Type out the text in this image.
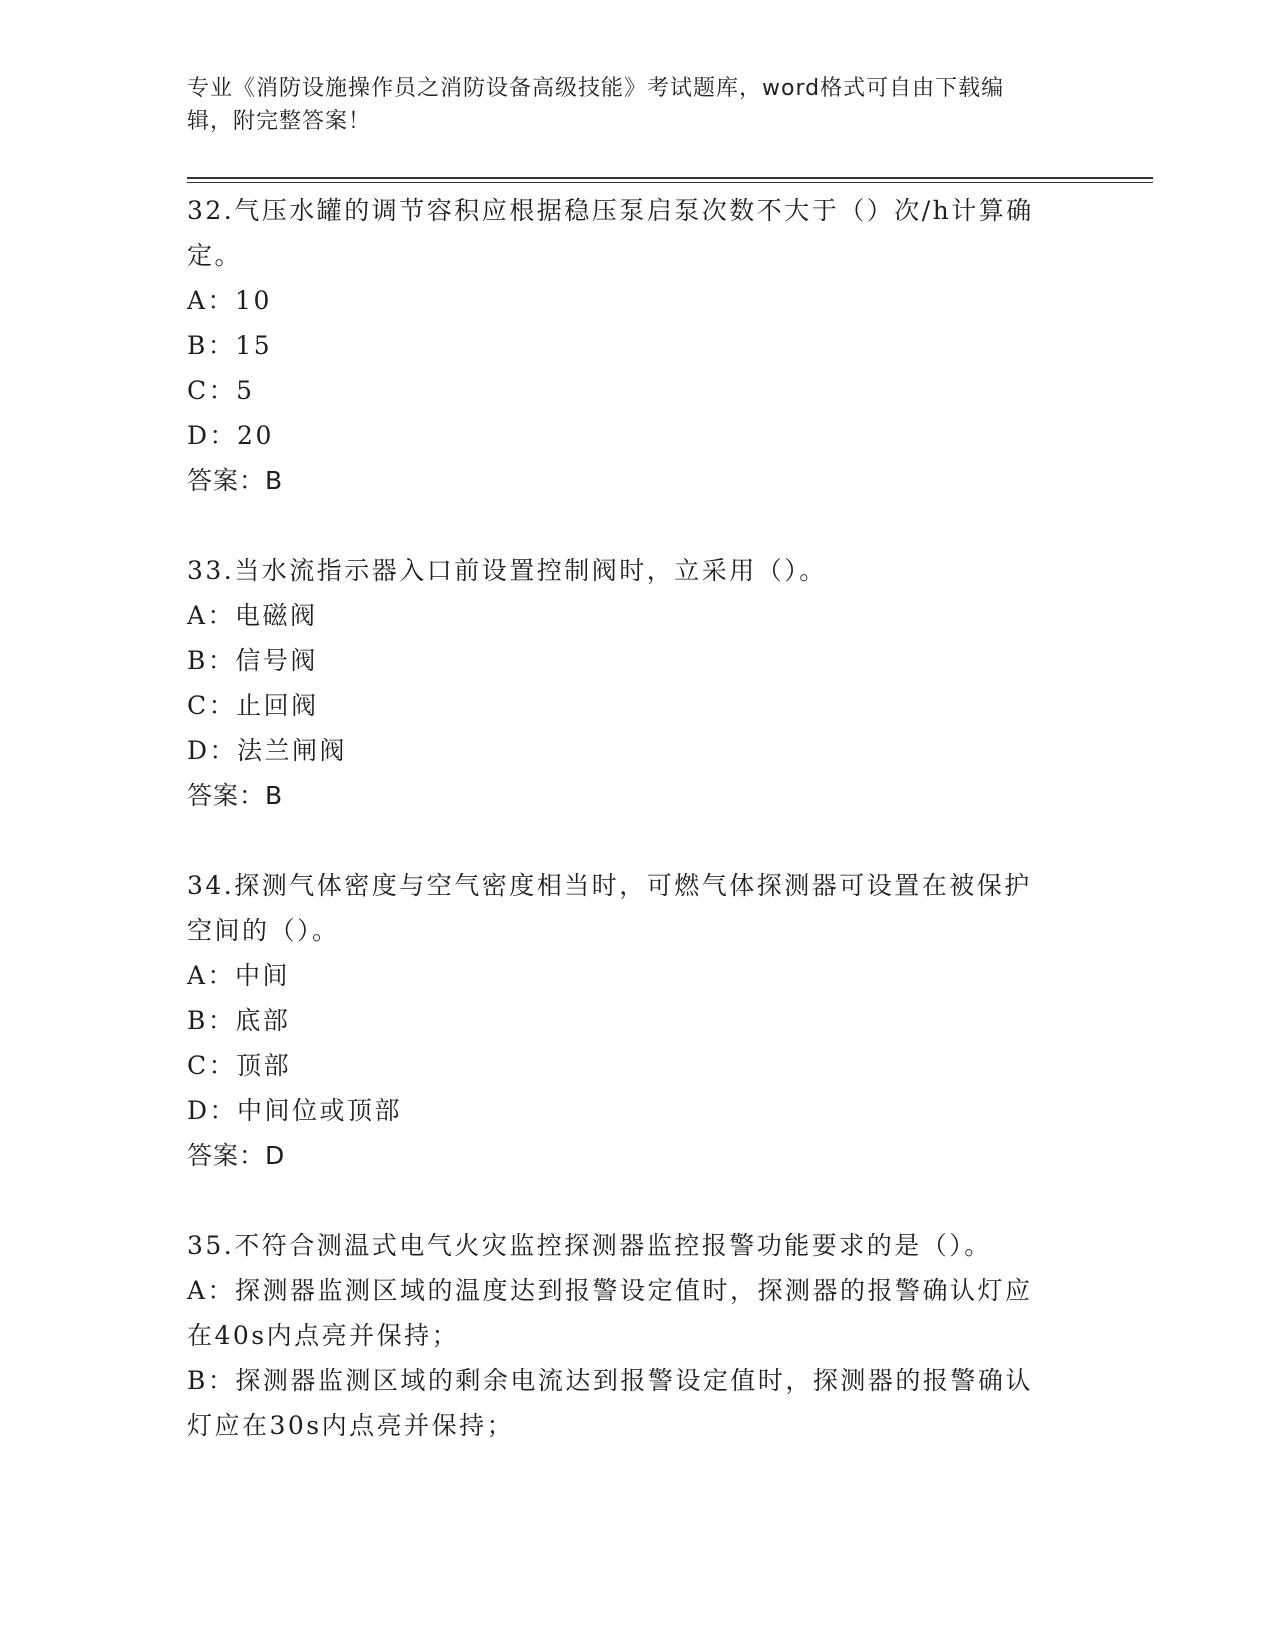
专业《消防设施操作员之消防设备高级技能》考试题库，word格式可自由下载编
辑，附完整答案！

32.气压水罐的调节容积应根据稳压泵启泵次数不大于（）次/h计算确

定。

A：10

B：15

C：5

D：20

答案：B

33.当水流指示器入口前设置控制阀时，立采用（）。

A：电磁阀

B：信号阀

C：止回阀

D：法兰闸阀

答案：B

34.探测气体密度与空气密度相当时，可燃气体探测器可设置在被保护

空间的（）。

A：中间

B：底部

C：顶部

D：中间位或顶部

答案：D

35.不符合测温式电气火灾监控探测器监控报警功能要求的是（）。

A：探测器监测区域的温度达到报警设定值时，探测器的报警确认灯应

在40s内点亮并保持；

B：探测器监测区域的剩余电流达到报警设定值时，探测器的报警确认

灯应在30s内点亮并保持；
